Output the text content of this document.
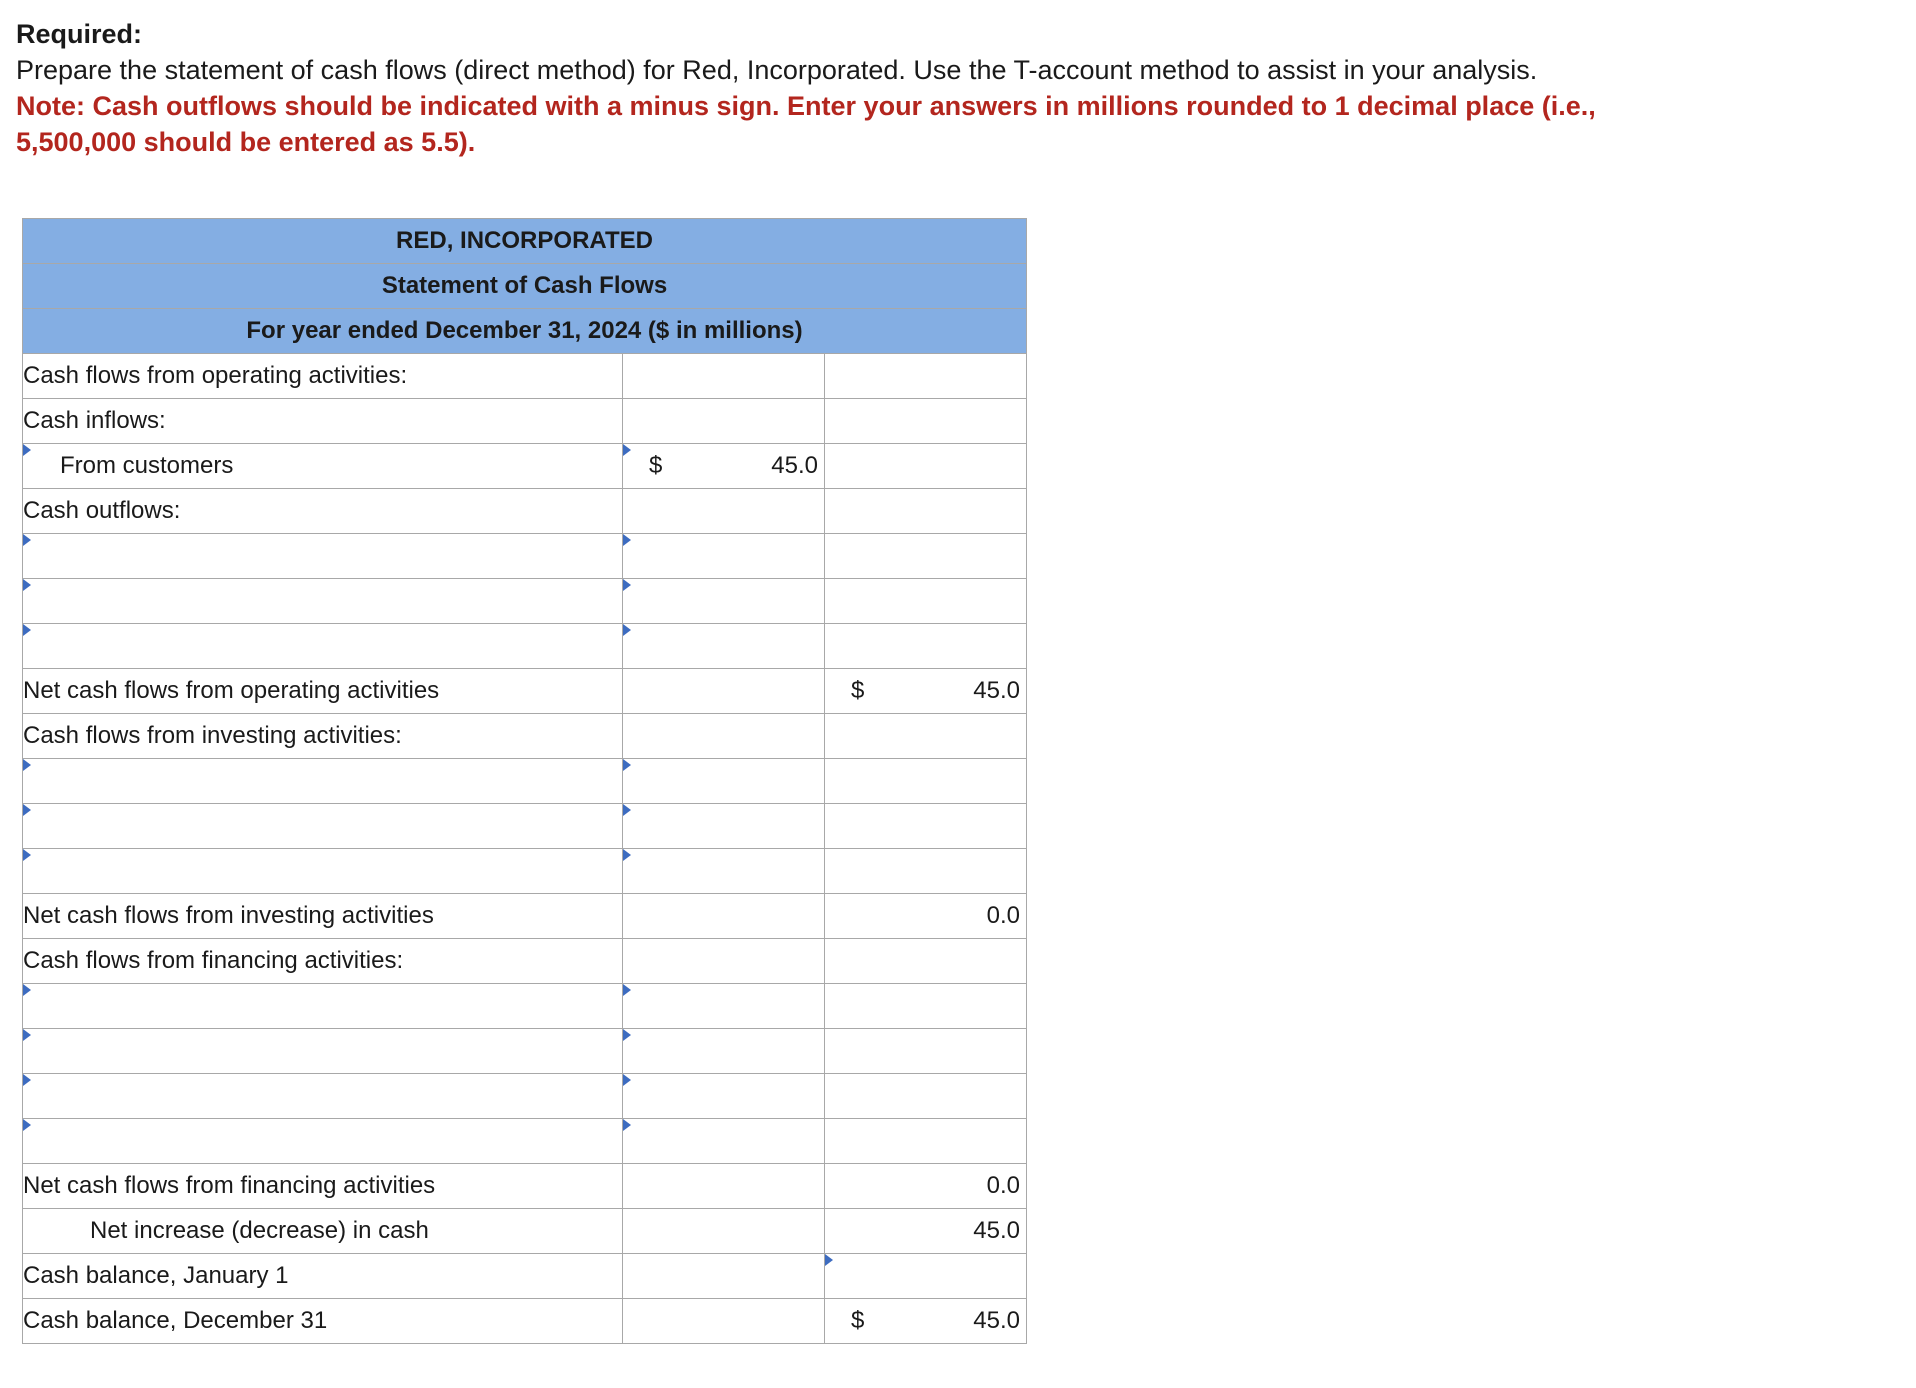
Required:
Prepare the statement of cash flows (direct method) for Red, Incorporated. Use the T-account method to assist in your analysis.
Note: Cash outflows should be indicated with a minus sign. Enter your answers in millions rounded to 1 decimal place (i.e.,
5,500,000 should be entered as 5.5).
RED, INCORPORATED		
Statement of Cash Flows		
For year ended December 31, 2024 ($ in millions)		
Cash flows from operating activities:		
Cash inflows:		
From customers	$ 45.0	

Cash outflows:		

Net cash flows from operating activities		$ 45.0

Cash flows from investing activities:		

Net cash flows from investing activities		0.0

Cash flows from financing activities:		

Net cash flows from financing activities		0.0

Net increase (decrease) in cash		45.0

Cash balance, January 1		

Cash balance, December 31		$ 45.0
